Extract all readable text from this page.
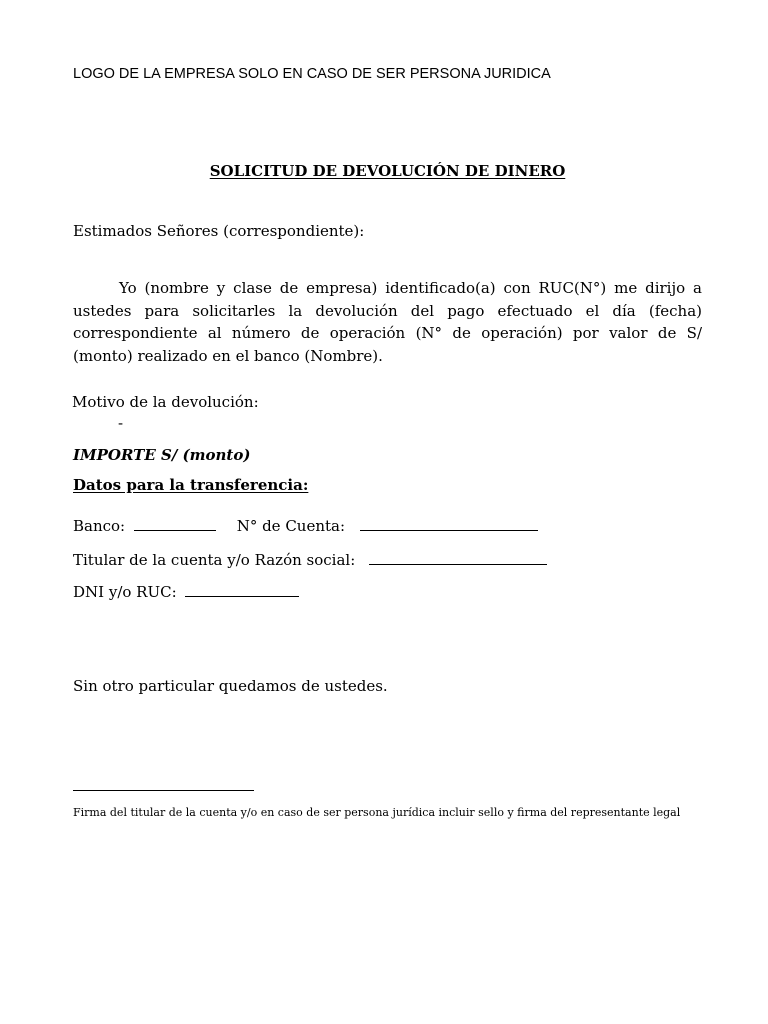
LOGO DE LA EMPRESA SOLO EN CASO DE SER PERSONA JURIDICA
SOLICITUD DE DEVOLUCIÓN DE DINERO
Estimados Señores (correspondiente):
Yo (nombre y clase de empresa) identificado(a) con RUC(N°) me dirijo a
ustedes para solicitarles la devolución del pago efectuado el día (fecha)
correspondiente al número de operación (N° de operación) por valor de S/
(monto) realizado en el banco (Nombre).
Motivo de la devolución:
-
IMPORTE S/ (monto)
Datos para la transferencia:
Banco:	N° de Cuenta:
Titular de la cuenta y/o Razón social:
DNI y/o RUC:
Sin otro particular quedamos de ustedes.

Firma del titular de la cuenta y/o en caso de ser persona jurídica incluir sello y firma del representante legal
